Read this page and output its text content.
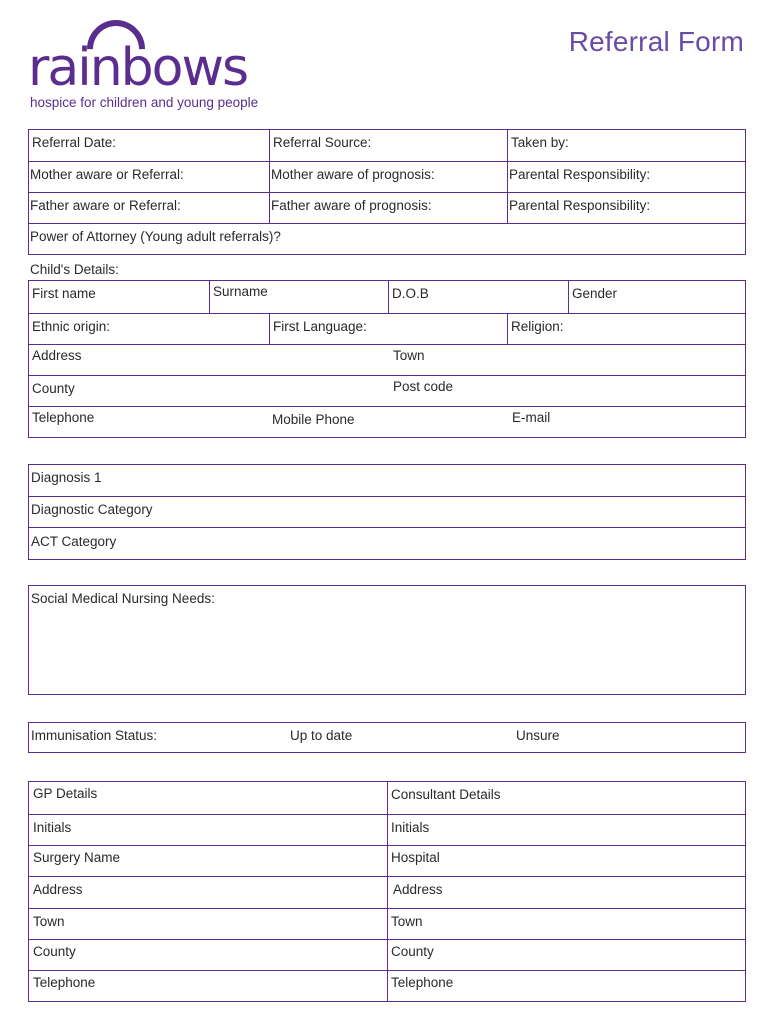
rainbows
hospice for children and young people
Referral Form
Referral Date:	Referral Source:	Taken by:
Mother aware or Referral:	Mother aware of prognosis:	Parental Responsibility:
Father aware or Referral:	Father aware of prognosis:	Parental Responsibility:
Power of Attorney (Young adult referrals)?
Child's Details:
First name	Surname	D.O.B	Gender
Ethnic origin:	First Language:	Religion:
Address	Town
County	Post code
Telephone	Mobile Phone	E-mail
Diagnosis 1
Diagnostic Category
ACT Category
Social Medical Nursing Needs:
Immunisation Status:	Up to date	Unsure
GP Details	Consultant Details
Initials	Initials
Surgery Name	Hospital
Address	Address
Town	Town
County	County
Telephone	Telephone
